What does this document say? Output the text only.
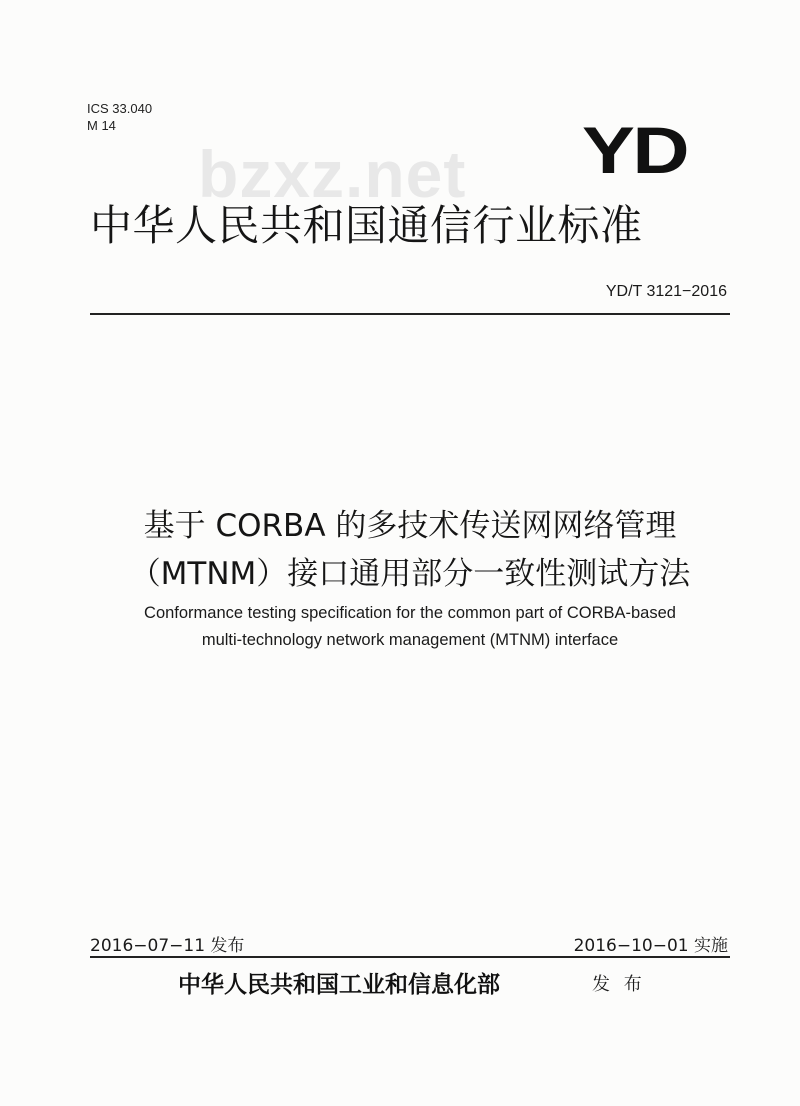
ICS 33.040
M 14
bzxz.net YD
中华人民共和国通信行业标准
YD/T 3121−2016
基于 CORBA 的多技术传送网网络管理
（MTNM）接口通用部分一致性测试方法
Conformance testing specification for the common part of CORBA-based
multi-technology network management (MTNM) interface
2016−07−11 发布	2016−10−01 实施
中华人民共和国工业和信息化部	发 布
